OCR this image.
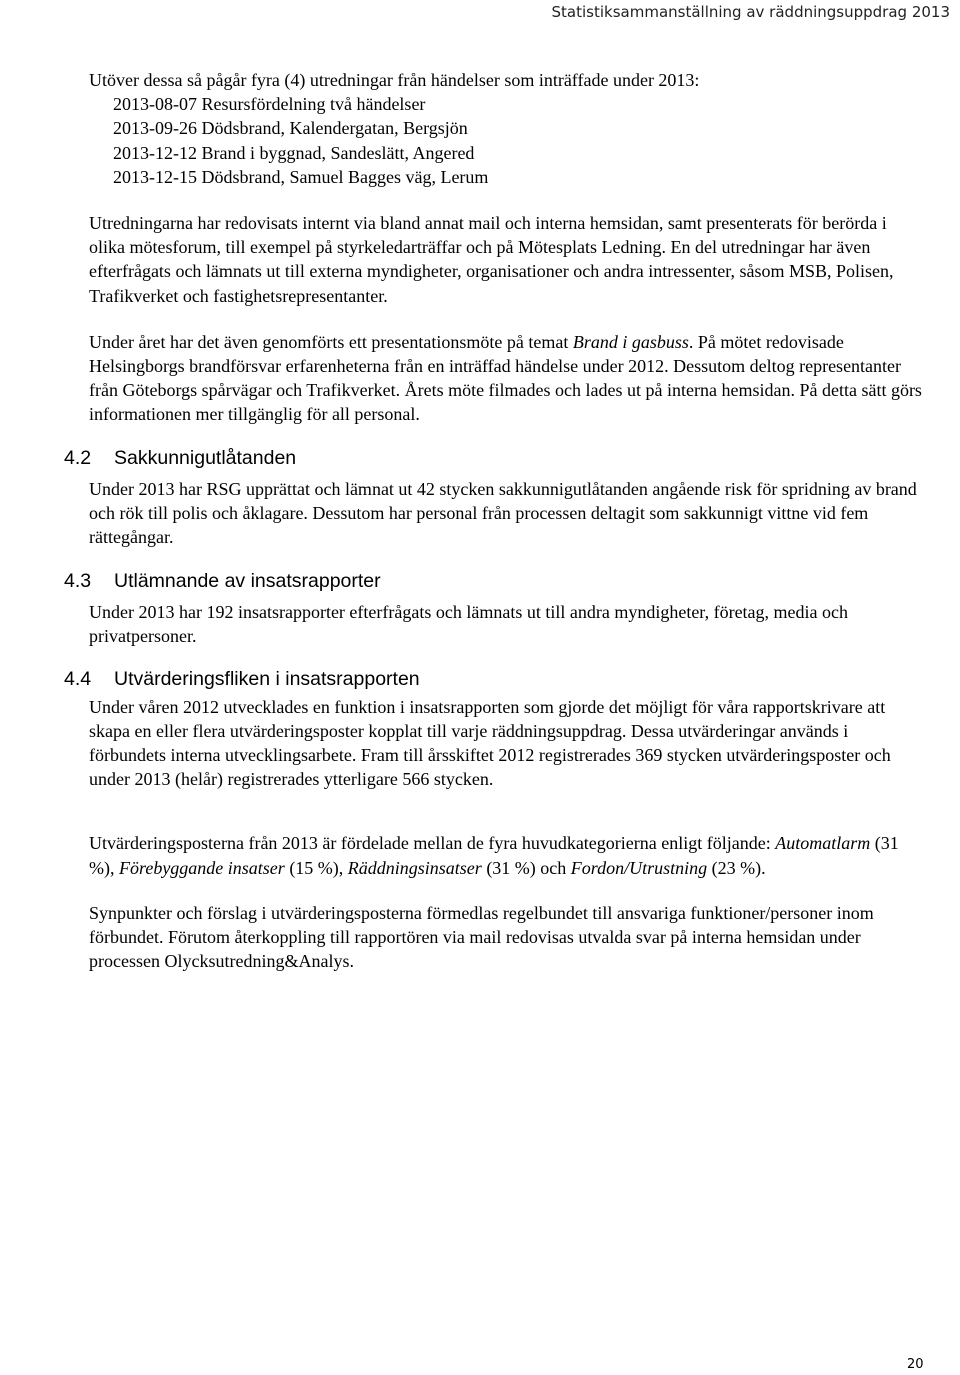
Statistiksammanställning av räddningsuppdrag 2013

Utöver dessa så pågår fyra (4) utredningar från händelser som inträffade under 2013:

2013-08-07 Resursfördelning två händelser
2013-09-26 Dödsbrand, Kalendergatan, Bergsjön
2013-12-12 Brand i byggnad, Sandeslätt, Angered
2013-12-15 Dödsbrand, Samuel Bagges väg, Lerum

Utredningarna har redovisats internt via bland annat mail och interna hemsidan, samt presenterats för berörda i olika mötesforum, till exempel på styrkeledarträffar och på Mötesplats Ledning. En del utredningar har även efterfrågats och lämnats ut till externa myndigheter, organisationer och andra intressenter, såsom MSB, Polisen, Trafikverket och fastighetsrepresentanter.

Under året har det även genomförts ett presentationsmöte på temat Brand i gasbuss. På mötet redovisade Helsingborgs brandförsvar erfarenheterna från en inträffad händelse under 2012. Dessutom deltog representanter från Göteborgs spårvägar och Trafikverket. Årets möte filmades och lades ut på interna hemsidan. På detta sätt görs informationen mer tillgänglig för all personal.

4.2 Sakkunnigutlåtanden

Under 2013 har RSG upprättat och lämnat ut 42 stycken sakkunnigutlåtanden angående risk för spridning av brand och rök till polis och åklagare. Dessutom har personal från processen deltagit som sakkunnigt vittne vid fem rättegångar.

4.3 Utlämnande av insatsrapporter

Under 2013 har 192 insatsrapporter efterfrågats och lämnats ut till andra myndigheter, företag, media och privatpersoner.

4.4 Utvärderingsfliken i insatsrapporten

Under våren 2012 utvecklades en funktion i insatsrapporten som gjorde det möjligt för våra rapportskrivare att skapa en eller flera utvärderingsposter kopplat till varje räddningsuppdrag. Dessa utvärderingar används i förbundets interna utvecklingsarbete. Fram till årsskiftet 2012 registrerades 369 stycken utvärderingsposter och under 2013 (helår) registrerades ytterligare 566 stycken.

Utvärderingsposterna från 2013 är fördelade mellan de fyra huvudkategorierna enligt följande: Automatlarm (31 %), Förebyggande insatser (15 %), Räddningsinsatser (31 %) och Fordon/Utrustning (23 %).

Synpunkter och förslag i utvärderingsposterna förmedlas regelbundet till ansvariga funktioner/personer inom förbundet. Förutom återkoppling till rapportören via mail redovisas utvalda svar på interna hemsidan under processen Olycksutredning&Analys.

20
